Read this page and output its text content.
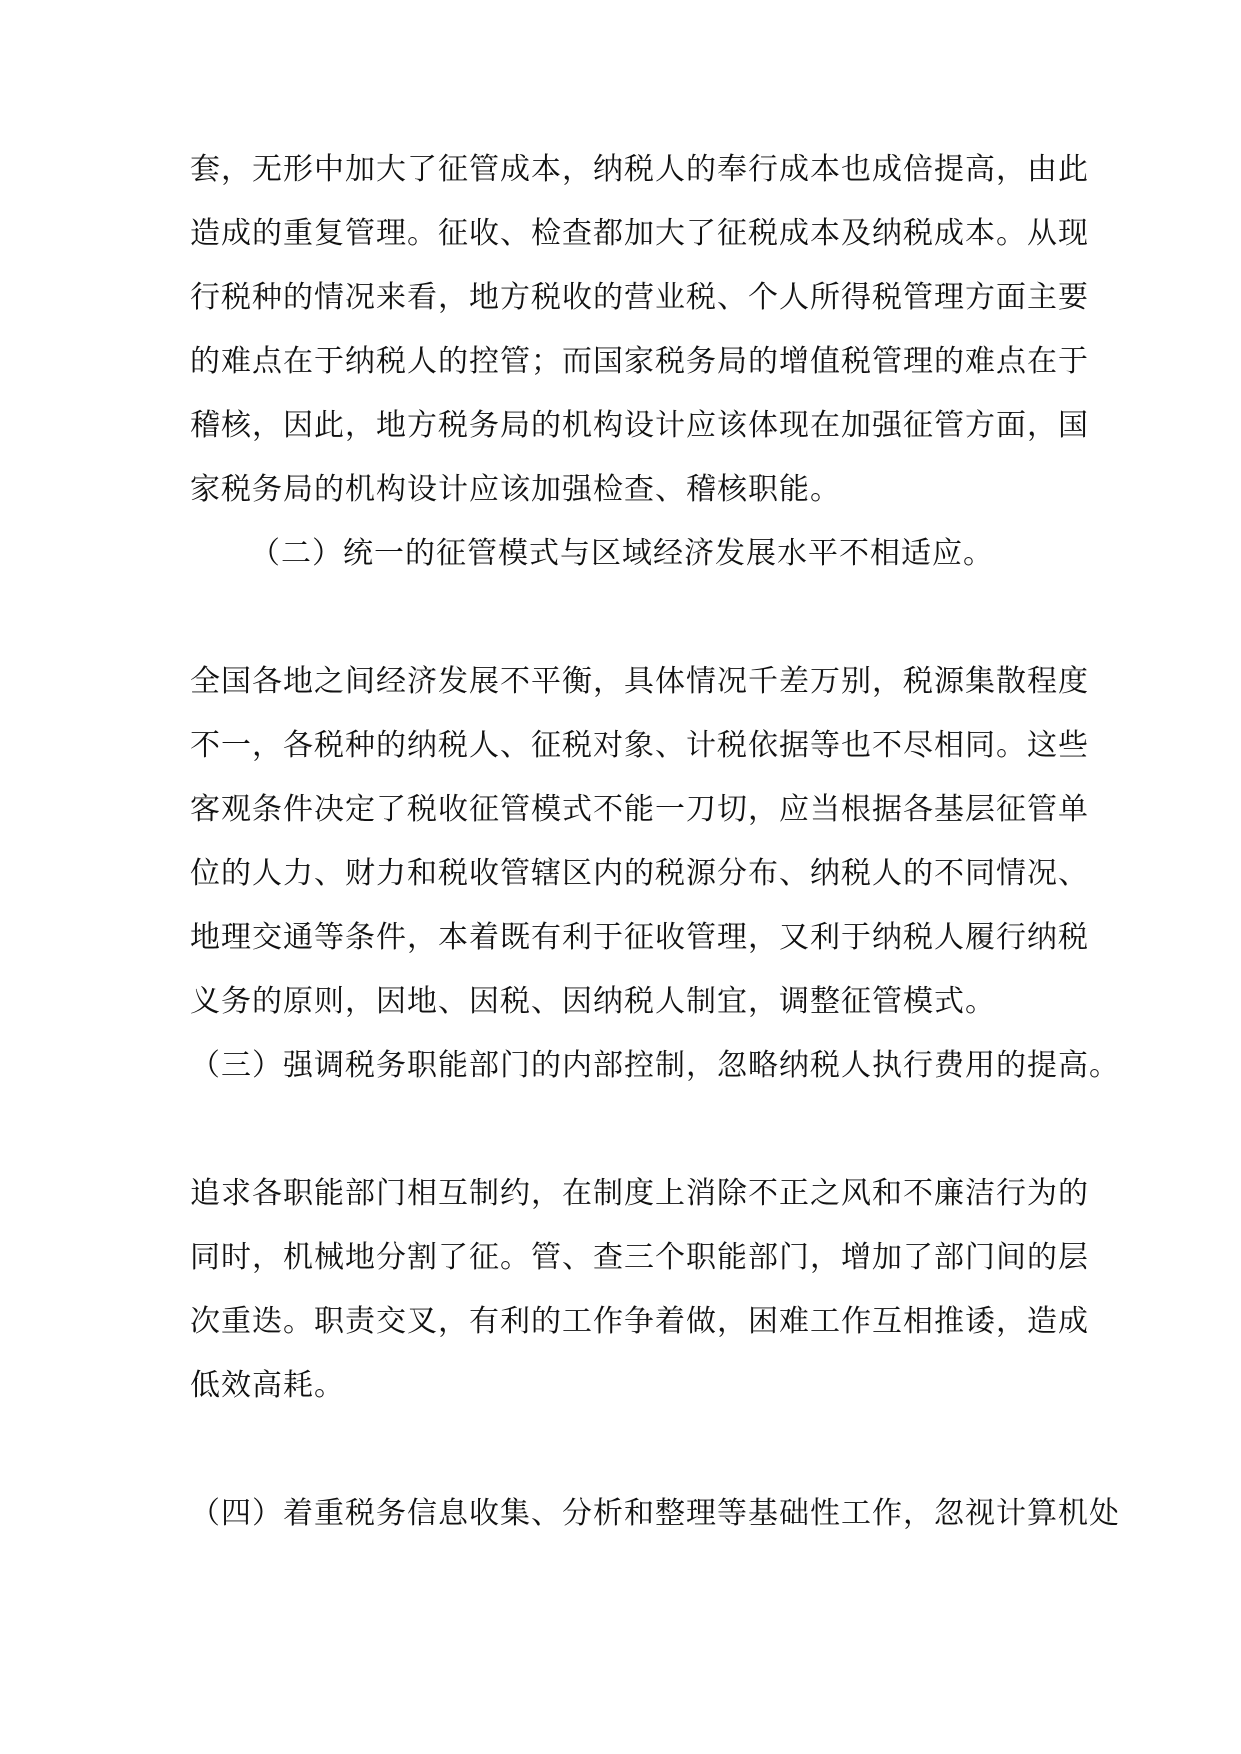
套，无形中加大了征管成本，纳税人的奉行成本也成倍提高，由此
造成的重复管理。征收、检查都加大了征税成本及纳税成本。从现
行税种的情况来看，地方税收的营业税、个人所得税管理方面主要
的难点在于纳税人的控管；而国家税务局的增值税管理的难点在于
稽核，因此，地方税务局的机构设计应该体现在加强征管方面，国
家税务局的机构设计应该加强检查、稽核职能。
（二）统一的征管模式与区域经济发展水平不相适应。
全国各地之间经济发展不平衡，具体情况千差万别，税源集散程度
不一，各税种的纳税人、征税对象、计税依据等也不尽相同。这些
客观条件决定了税收征管模式不能一刀切，应当根据各基层征管单
位的人力、财力和税收管辖区内的税源分布、纳税人的不同情况、
地理交通等条件，本着既有利于征收管理，又利于纳税人履行纳税
义务的原则，因地、因税、因纳税人制宜，调整征管模式。
（三）强调税务职能部门的内部控制，忽略纳税人执行费用的提高。
追求各职能部门相互制约，在制度上消除不正之风和不廉洁行为的
同时，机械地分割了征。管、查三个职能部门，增加了部门间的层
次重迭。职责交叉，有利的工作争着做，困难工作互相推诿，造成
低效高耗。
（四）着重税务信息收集、分析和整理等基础性工作，忽视计算机处
